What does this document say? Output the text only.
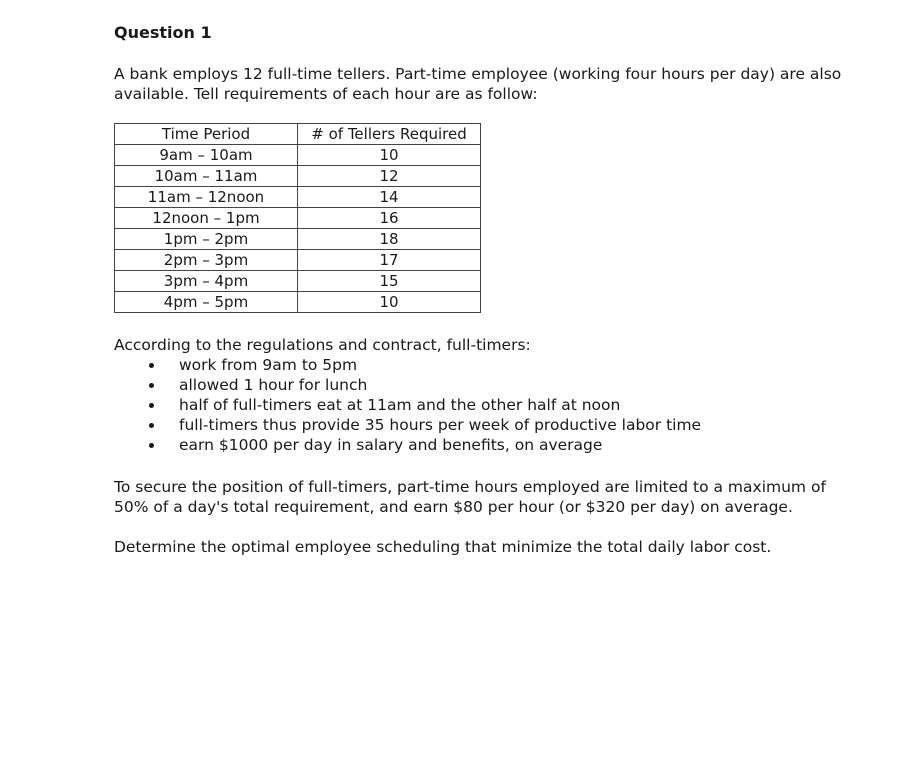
Question 1

A bank employs 12 full-time tellers. Part-time employee (working four hours per day) are also available. Tell requirements of each hour are as follow:

Time Period	# of Tellers Required
9am – 10am	10
10am – 11am	12
11am – 12noon	14
12noon – 1pm	16
1pm – 2pm	18
2pm – 3pm	17
3pm – 4pm	15
4pm – 5pm	10

According to the regulations and contract, full-timers:

work from 9am to 5pm
allowed 1 hour for lunch
half of full-timers eat at 11am and the other half at noon
full-timers thus provide 35 hours per week of productive labor time
earn $1000 per day in salary and benefits, on average

To secure the position of full-timers, part-time hours employed are limited to a maximum of 50% of a day's total requirement, and earn $80 per hour (or $320 per day) on average.

Determine the optimal employee scheduling that minimize the total daily labor cost.
